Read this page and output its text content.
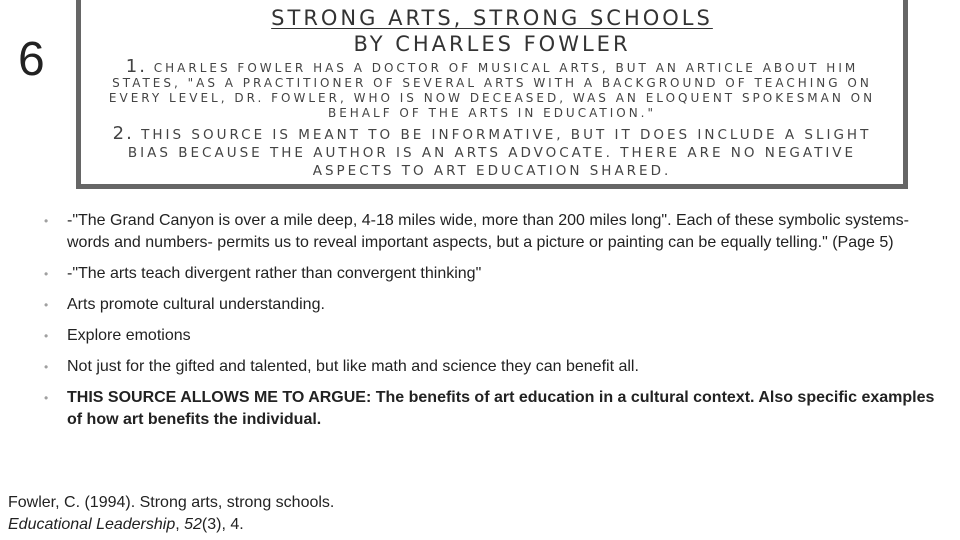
6
STRONG ARTS, STRONG SCHOOLS
BY CHARLES FOWLER
1. CHARLES FOWLER HAS A DOCTOR OF MUSICAL ARTS, BUT AN ARTICLE ABOUT HIM STATES, "AS A PRACTITIONER OF SEVERAL ARTS WITH A BACKGROUND OF TEACHING ON EVERY LEVEL, DR. FOWLER, WHO IS NOW DECEASED, WAS AN ELOQUENT SPOKESMAN ON BEHALF OF THE ARTS IN EDUCATION."
2. THIS SOURCE IS MEANT TO BE INFORMATIVE, BUT IT DOES INCLUDE A SLIGHT BIAS BECAUSE THE AUTHOR IS AN ARTS ADVOCATE. THERE ARE NO NEGATIVE ASPECTS TO ART EDUCATION SHARED.
• -"The Grand Canyon is over a mile deep, 4-18 miles wide, more than 200 miles long". Each of these symbolic systems- words and numbers- permits us to reveal important aspects, but a picture or painting can be equally telling." (Page 5)
• -"The arts teach divergent rather than convergent thinking"
• Arts promote cultural understanding.
• Explore emotions
• Not just for the gifted and talented, but like math and science they can benefit all.
• THIS SOURCE ALLOWS ME TO ARGUE: The benefits of art education in a cultural context. Also specific examples of how art benefits the individual.
Fowler, C. (1994). Strong arts, strong schools. Educational Leadership, 52(3), 4.
